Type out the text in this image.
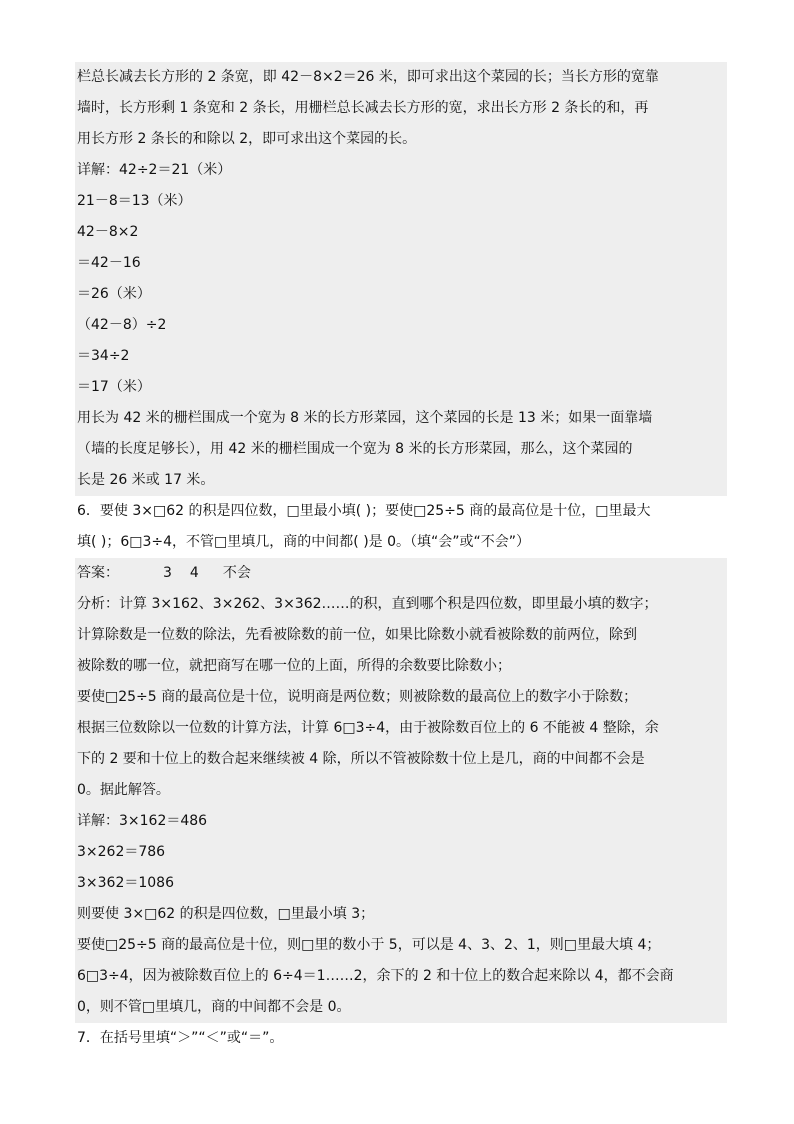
栏总长减去长方形的 2 条宽，即 42－8×2＝26 米，即可求出这个菜园的长；当长方形的宽靠
墙时，长方形剩 1 条宽和 2 条长，用栅栏总长减去长方形的宽，求出长方形 2 条长的和，再
用长方形 2 条长的和除以 2，即可求出这个菜园的长。
详解：42÷2＝21（米）
21－8＝13（米）
42－8×2
＝42－16
＝26（米）
（42－8）÷2
＝34÷2
＝17（米）
用长为 42 米的栅栏围成一个宽为 8 米的长方形菜园，这个菜园的长是 13 米；如果一面靠墙
（墙的长度足够长），用 42 米的栅栏围成一个宽为 8 米的长方形菜园，那么，这个菜园的
长是 26 米或 17 米。
6．要使 3×□62 的积是四位数，□里最小填( )；要使□25÷5 商的最高位是十位，□里最大
填( )；6□3÷4，不管□里填几，商的中间都( )是 0。（填“会”或“不会”）
答案：	3 4 不会
分析：计算 3×162、3×262、3×362……的积，直到哪个积是四位数，即里最小填的数字；
计算除数是一位数的除法，先看被除数的前一位，如果比除数小就看被除数的前两位，除到
被除数的哪一位，就把商写在哪一位的上面，所得的余数要比除数小；
要使□25÷5 商的最高位是十位，说明商是两位数；则被除数的最高位上的数字小于除数；
根据三位数除以一位数的计算方法，计算 6□3÷4，由于被除数百位上的 6 不能被 4 整除，余
下的 2 要和十位上的数合起来继续被 4 除，所以不管被除数十位上是几，商的中间都不会是
0。据此解答。
详解：3×162＝486
3×262＝786
3×362＝1086
则要使 3×□62 的积是四位数，□里最小填 3；
要使□25÷5 商的最高位是十位，则□里的数小于 5，可以是 4、3、2、1，则□里最大填 4；
6□3÷4，因为被除数百位上的 6÷4＝1……2，余下的 2 和十位上的数合起来除以 4，都不会商
0，则不管□里填几，商的中间都不会是 0。
7．在括号里填“＞”“＜”或“＝”。
